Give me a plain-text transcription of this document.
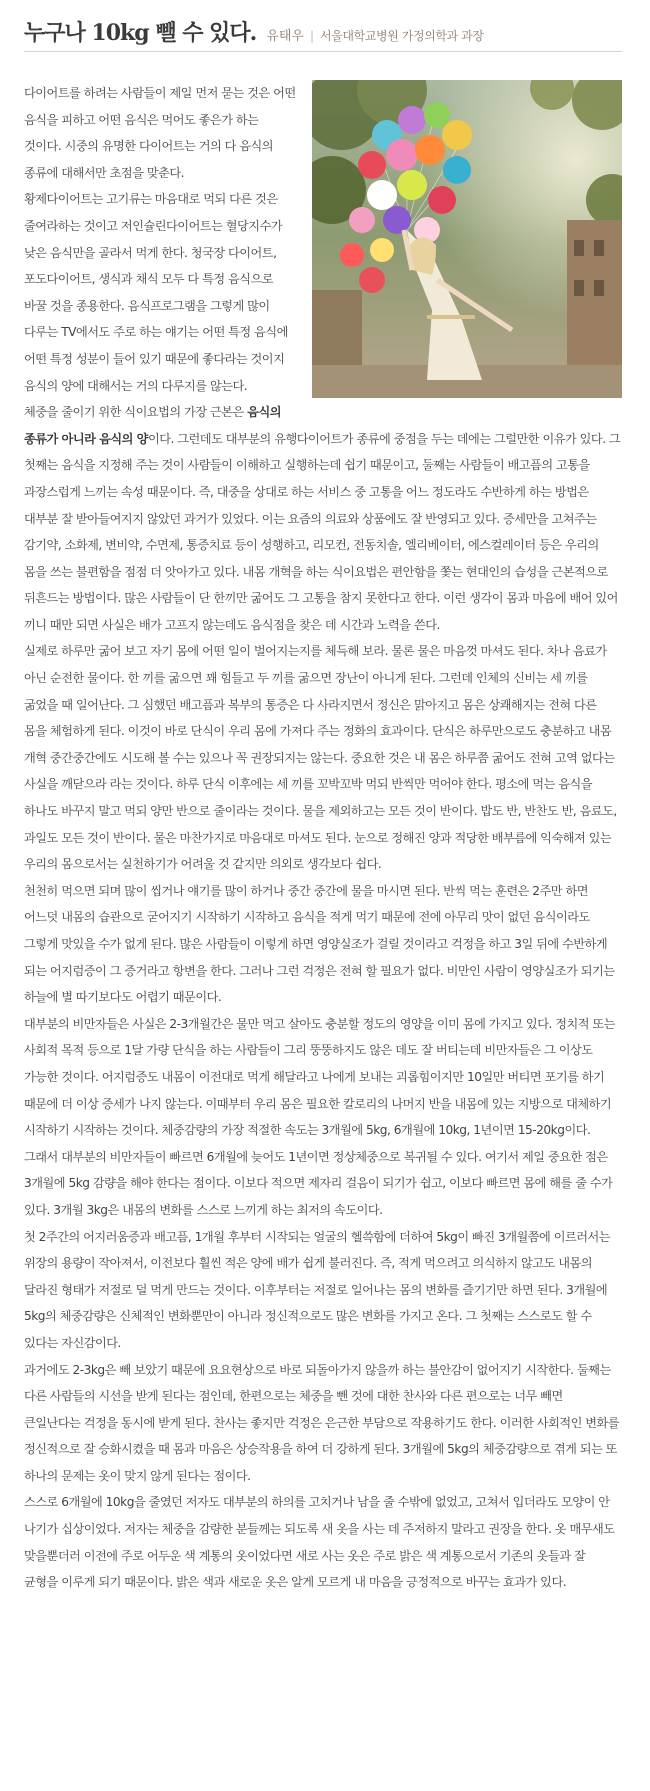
누구나 10kg 뺄 수 있다. 유태우 | 서울대학교병원 가정의학과 과장

다이어트를 하려는 사람들이 제일 먼저 묻는 것은 어떤 음식을 피하고 어떤 음식은 먹어도 좋은가 하는 것이다. 시중의 유명한 다이어트는 거의 다 음식의 종류에 대해서만 초점을 맞춘다.

황제다이어트는 고기류는 마음대로 먹되 다른 것은 줄여라하는 것이고 저인슐린다이어트는 혈당지수가 낮은 음식만을 골라서 먹게 한다. 청국장 다이어트, 포도다이어트, 생식과 채식 모두 다 특정 음식으로 바꿀 것을 종용한다. 음식프로그램을 그렇게 많이 다루는 TV에서도 주로 하는 얘기는 어떤 특정 음식에 어떤 특정 성분이 들어 있기 때문에 좋다라는 것이지 음식의 양에 대해서는 거의 다루지를 않는다.

체중을 줄이기 위한 식이요법의 가장 근본은 음식의 종류가 아니라 음식의 양이다. 그런데도 대부분의 유행다이어트가 종류에 중점을 두는 데에는 그럴만한 이유가 있다. 그 첫째는 음식을 지정해 주는 것이 사람들이 이해하고 실행하는데 쉽기 때문이고, 둘째는 사람들이 배고픔의 고통을 과장스럽게 느끼는 속성 때문이다. 즉, 대중을 상대로 하는 서비스 중 고통을 어느 정도라도 수반하게 하는 방법은 대부분 잘 받아들여지지 않았던 과거가 있었다. 이는 요즘의 의료와 상품에도 잘 반영되고 있다. 증세만을 고쳐주는 감기약, 소화제, 변비약, 수면제, 통증치료 등이 성행하고, 리모컨, 전동치솔, 엘리베이터, 에스컬레이터 등은 우리의 몸을 쓰는 불편함을 점점 더 앗아가고 있다. 내몸 개혁을 하는 식이요법은 편안함을 쫓는 현대인의 습성을 근본적으로 뒤흔드는 방법이다. 많은 사람들이 단 한끼만 굶어도 그 고통을 참지 못한다고 한다. 이런 생각이 몸과 마음에 배어 있어 끼니 때만 되면 사실은 배가 고프지 않는데도 음식점을 찾은 데 시간과 노력을 쓴다.

실제로 하루만 굶어 보고 자기 몸에 어떤 일이 벌어지는지를 체득해 보라. 물론 물은 마음껏 마셔도 된다. 차나 음료가 아닌 순전한 물이다. 한 끼를 굶으면 꽤 힘들고 두 끼를 굶으면 장난이 아니게 된다. 그런데 인체의 신비는 세 끼를 굶었을 때 일어난다. 그 심했던 배고픔과 복부의 통증은 다 사라지면서 정신은 맑아지고 몸은 상쾌해지는 전혀 다른 몸을 체험하게 된다. 이것이 바로 단식이 우리 몸에 가져다 주는 정화의 효과이다. 단식은 하루만으로도 충분하고 내몸 개혁 중간중간에도 시도해 볼 수는 있으나 꼭 권장되지는 않는다. 중요한 것은 내 몸은 하루쯤 굶어도 전혀 고역 없다는 사실을 깨닫으라 라는 것이다. 하루 단식 이후에는 세 끼를 꼬박꼬박 먹되 반씩만 먹어야 한다. 평소에 먹는 음식을 하나도 바꾸지 말고 먹되 양만 반으로 줄이라는 것이다. 물을 제외하고는 모든 것이 반이다. 밥도 반, 반찬도 반, 음료도, 과일도 모든 것이 반이다. 물은 마찬가지로 마음대로 마셔도 된다. 눈으로 정해진 양과 적당한 배부름에 익숙해져 있는 우리의 몸으로서는 실천하기가 어려울 것 같지만 의외로 생각보다 쉽다.

천천히 먹으면 되며 많이 씹거나 얘기를 많이 하거나 중간 중간에 물을 마시면 된다. 반씩 먹는 훈련은 2주만 하면 어느덧 내몸의 습관으로 굳어지기 시작하기 시작하고 음식을 적게 먹기 때문에 전에 아무리 맛이 없던 음식이라도 그렇게 맛있을 수가 없게 된다. 많은 사람들이 이렇게 하면 영양실조가 걸릴 것이라고 걱정을 하고 3일 뒤에 수반하게 되는 어지럼증이 그 증거라고 항변을 한다. 그러나 그런 걱정은 전혀 할 필요가 없다. 비만인 사람이 영양실조가 되기는 하늘에 별 따기보다도 어렵기 때문이다.

대부분의 비만자들은 사실은 2-3개월간은 물만 먹고 살아도 충분할 정도의 영양을 이미 몸에 가지고 있다. 정치적 또는 사회적 목적 등으로 1달 가량 단식을 하는 사람들이 그리 뚱뚱하지도 않은 데도 잘 버티는데 비만자들은 그 이상도 가능한 것이다. 어지럼증도 내몸이 이전대로 먹게 해달라고 나에게 보내는 괴롭힘이지만 10일만 버티면 포기를 하기 때문에 더 이상 증세가 나지 않는다. 이때부터 우리 몸은 필요한 칼로리의 나머지 반을 내몸에 있는 지방으로 대체하기 시작하기 시작하는 것이다. 체중감량의 가장 적절한 속도는 3개월에 5kg, 6개월에 10kg, 1년이면 15-20kg이다. 그래서 대부분의 비만자들이 빠르면 6개월에 늦어도 1년이면 정상체중으로 복귀될 수 있다. 여기서 제일 중요한 점은 3개월에 5kg 감량을 해야 한다는 점이다. 이보다 적으면 제자리 걸음이 되기가 쉽고, 이보다 빠르면 몸에 해를 줄 수가 있다. 3개월 3kg은 내몸의 변화를 스스로 느끼게 하는 최저의 속도이다.

첫 2주간의 어지러움증과 배고픔, 1개월 후부터 시작되는 얼굴의 헬쓱함에 더하여 5kg이 빠진 3개월쯤에 이르러서는 위장의 용량이 작아져서, 이전보다 훨씬 적은 양에 배가 쉽게 불러진다. 즉, 적게 먹으려고 의식하지 않고도 내몸의 달라진 형태가 저절로 덜 먹게 만드는 것이다. 이후부터는 저절로 일어나는 몸의 변화를 즐기기만 하면 된다. 3개월에 5kg의 체중감량은 신체적인 변화뿐만이 아니라 정신적으로도 많은 변화를 가지고 온다. 그 첫째는 스스로도 할 수 있다는 자신감이다.

과거에도 2-3kg은 빼 보았기 때문에 요요현상으로 바로 되돌아가지 않을까 하는 불안감이 없어지기 시작한다. 둘째는 다른 사람들의 시선을 받게 된다는 점인데, 한편으로는 체중을 뺀 것에 대한 찬사와 다른 편으로는 너무 빼면 큰일난다는 걱정을 동시에 받게 된다. 찬사는 좋지만 걱정은 은근한 부담으로 작용하기도 한다. 이러한 사회적인 변화를 정신적으로 잘 승화시켰을 때 몸과 마음은 상승작용을 하여 더 강하게 된다. 3개월에 5kg의 체중감량으로 겪게 되는 또 하나의 문제는 옷이 맞지 않게 된다는 점이다.

스스로 6개월에 10kg을 줄였던 저자도 대부분의 하의를 고치거나 남을 줄 수밖에 없었고, 고쳐서 입더라도 모양이 안 나기가 십상이었다. 저자는 체중을 감량한 분들께는 되도록 새 옷을 사는 데 주저하지 말라고 권장을 한다. 옷 매무새도 맞을뿐더러 이전에 주로 어두운 색 계통의 옷이었다면 새로 사는 옷은 주로 밝은 색 계통으로서 기존의 옷들과 잘 균형을 이루게 되기 때문이다. 밝은 색과 새로운 옷은 알게 모르게 내 마음을 긍정적으로 바꾸는 효과가 있다.
